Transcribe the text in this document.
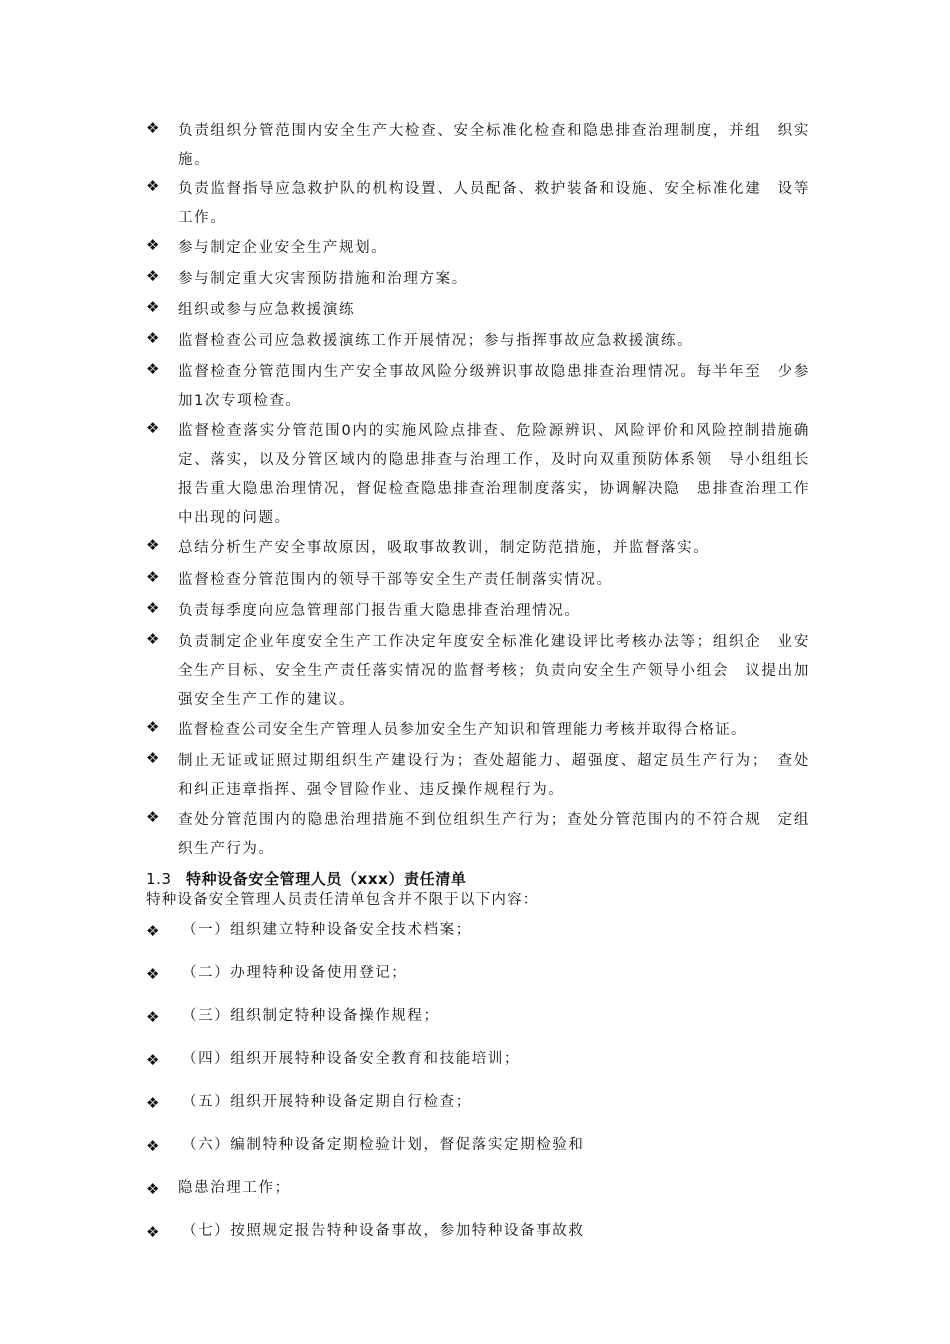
❖ 负责组织分管范围内安全生产大检查、安全标准化检查和隐患排查治理制度，并组　织实施。
❖ 负责监督指导应急救护队的机构设置、人员配备、救护装备和设施、安全标准化建　设等工作。
❖ 参与制定企业安全生产规划。
❖ 参与制定重大灾害预防措施和治理方案。
❖ 组织或参与应急救援演练
❖ 监督检查公司应急救援演练工作开展情况；参与指挥事故应急救援演练。
❖ 监督检查分管范围内生产安全事故风险分级辨识事故隐患排查治理情况。每半年至　少参加1次专项检查。
❖ 监督检查落实分管范围0内的实施风险点排查、危险源辨识、风险评价和风险控制措施确定、落实，以及分管区域内的隐患排查与治理工作，及时向双重预防体系领　导小组组长报告重大隐患治理情况，督促检查隐患排查治理制度落实，协调解决隐　患排查治理工作中出现的问题。
❖ 总结分析生产安全事故原因，吸取事故教训，制定防范措施，并监督落实。
❖ 监督检查分管范围内的领导干部等安全生产责任制落实情况。
❖ 负责每季度向应急管理部门报告重大隐患排查治理情况。
❖ 负责制定企业年度安全生产工作决定年度安全标准化建设评比考核办法等；组织企　业安全生产目标、安全生产责任落实情况的监督考核；负责向安全生产领导小组会　议提出加强安全生产工作的建议。
❖ 监督检查公司安全生产管理人员参加安全生产知识和管理能力考核并取得合格证。
❖ 制止无证或证照过期组织生产建设行为；查处超能力、超强度、超定员生产行为；　查处和纠正违章指挥、强令冒险作业、违反操作规程行为。
❖ 查处分管范围内的隐患治理措施不到位组织生产行为；查处分管范围内的不符合规　定组织生产行为。
1.3 特种设备安全管理人员（xxx）责任清单
特种设备安全管理人员责任清单包含并不限于以下内容：
❖ （一）组织建立特种设备安全技术档案；
❖ （二）办理特种设备使用登记；
❖ （三）组织制定特种设备操作规程；
❖ （四）组织开展特种设备安全教育和技能培训；
❖ （五）组织开展特种设备定期自行检查；
❖ （六）编制特种设备定期检验计划，督促落实定期检验和
❖ 隐患治理工作；
❖ （七）按照规定报告特种设备事故，参加特种设备事故救
